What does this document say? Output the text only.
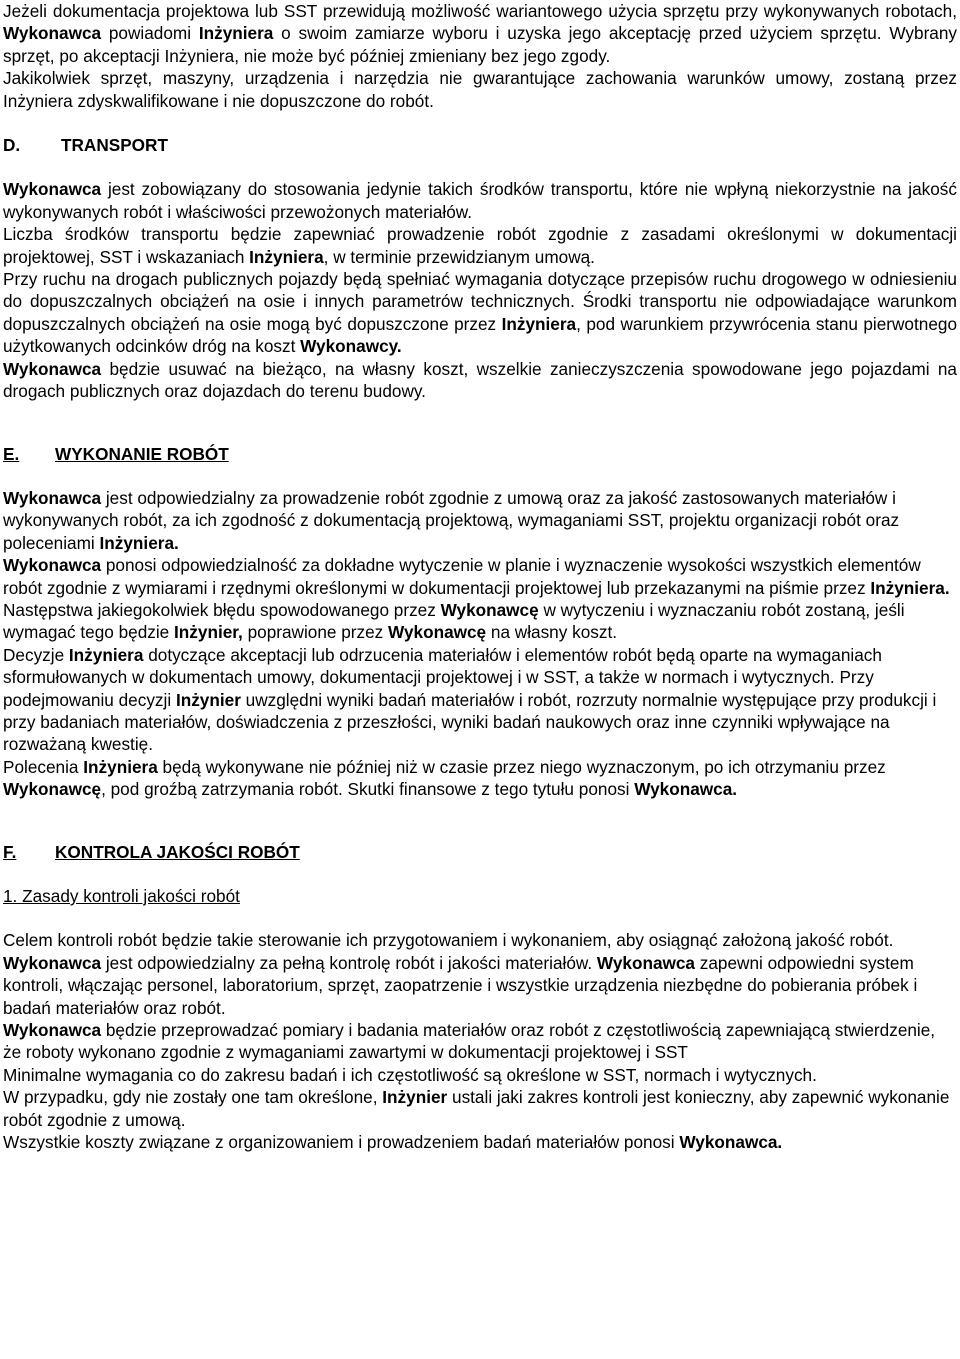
Jeżeli dokumentacja projektowa lub SST przewidują możliwość wariantowego użycia sprzętu przy wykonywanych robotach, Wykonawca powiadomi Inżyniera o swoim zamiarze wyboru i uzyska jego akceptację przed użyciem sprzętu. Wybrany sprzęt, po akceptacji Inżyniera, nie może być później zmieniany bez jego zgody.

Jakikolwiek sprzęt, maszyny, urządzenia i narzędzia nie gwarantujące zachowania warunków umowy, zostaną przez Inżyniera zdyskwalifikowane i nie dopuszczone do robót.

D.	TRANSPORT

Wykonawca jest zobowiązany do stosowania jedynie takich środków transportu, które nie wpłyną niekorzystnie na jakość wykonywanych robót i właściwości przewożonych materiałów.

Liczba środków transportu będzie zapewniać prowadzenie robót zgodnie z zasadami określonymi w dokumentacji projektowej, SST i wskazaniach Inżyniera, w terminie przewidzianym umową.

Przy ruchu na drogach publicznych pojazdy będą spełniać wymagania dotyczące przepisów ruchu drogowego w odniesieniu do dopuszczalnych obciążeń na osie i innych parametrów technicznych. Środki transportu nie odpowiadające warunkom dopuszczalnych obciążeń na osie mogą być dopuszczone przez Inżyniera, pod warunkiem przywrócenia stanu pierwotnego użytkowanych odcinków dróg na koszt Wykonawcy.

Wykonawca będzie usuwać na bieżąco, na własny koszt, wszelkie zanieczyszczenia spowodowane jego pojazdami na drogach publicznych oraz dojazdach do terenu budowy.

E.	WYKONANIE ROBÓT

Wykonawca jest odpowiedzialny za prowadzenie robót zgodnie z umową oraz za jakość zastosowanych materiałów i wykonywanych robót, za ich zgodność z dokumentacją projektową, wymaganiami SST, projektu organizacji robót oraz poleceniami Inżyniera.

Wykonawca ponosi odpowiedzialność za dokładne wytyczenie w planie i wyznaczenie wysokości wszystkich elementów robót zgodnie z wymiarami i rzędnymi określonymi w dokumentacji projektowej lub przekazanymi na piśmie przez Inżyniera.

Następstwa jakiegokolwiek błędu spowodowanego przez Wykonawcę w wytyczeniu i wyznaczaniu robót zostaną, jeśli wymagać tego będzie Inżynier, poprawione przez Wykonawcę na własny koszt.

Decyzje Inżyniera dotyczące akceptacji lub odrzucenia materiałów i elementów robót będą oparte na wymaganiach sformułowanych w dokumentach umowy, dokumentacji projektowej i w SST, a także w normach i wytycznych. Przy podejmowaniu decyzji Inżynier uwzględni wyniki badań materiałów i robót, rozrzuty normalnie występujące przy produkcji i przy badaniach materiałów, doświadczenia z przeszłości, wyniki badań naukowych oraz inne czynniki wpływające na rozważaną kwestię.

Polecenia Inżyniera będą wykonywane nie później niż w czasie przez niego wyznaczonym, po ich otrzymaniu przez Wykonawcę, pod groźbą zatrzymania robót. Skutki finansowe z tego tytułu ponosi Wykonawca.

F.	KONTROLA JAKOŚCI ROBÓT

1. Zasady kontroli jakości robót

Celem kontroli robót będzie takie sterowanie ich przygotowaniem i wykonaniem, aby osiągnąć założoną jakość robót.

Wykonawca jest odpowiedzialny za pełną kontrolę robót i jakości materiałów. Wykonawca zapewni odpowiedni system kontroli, włączając personel, laboratorium, sprzęt, zaopatrzenie i wszystkie urządzenia niezbędne do pobierania próbek i badań materiałów oraz robót.

Wykonawca będzie przeprowadzać pomiary i badania materiałów oraz robót z częstotliwością zapewniającą stwierdzenie, że roboty wykonano zgodnie z wymaganiami zawartymi w dokumentacji projektowej i SST

Minimalne wymagania co do zakresu badań i ich częstotliwość są określone w SST, normach i wytycznych.

W przypadku, gdy nie zostały one tam określone, Inżynier ustali jaki zakres kontroli jest konieczny, aby zapewnić wykonanie robót zgodnie z umową.

Wszystkie koszty związane z organizowaniem i prowadzeniem badań materiałów ponosi Wykonawca.
